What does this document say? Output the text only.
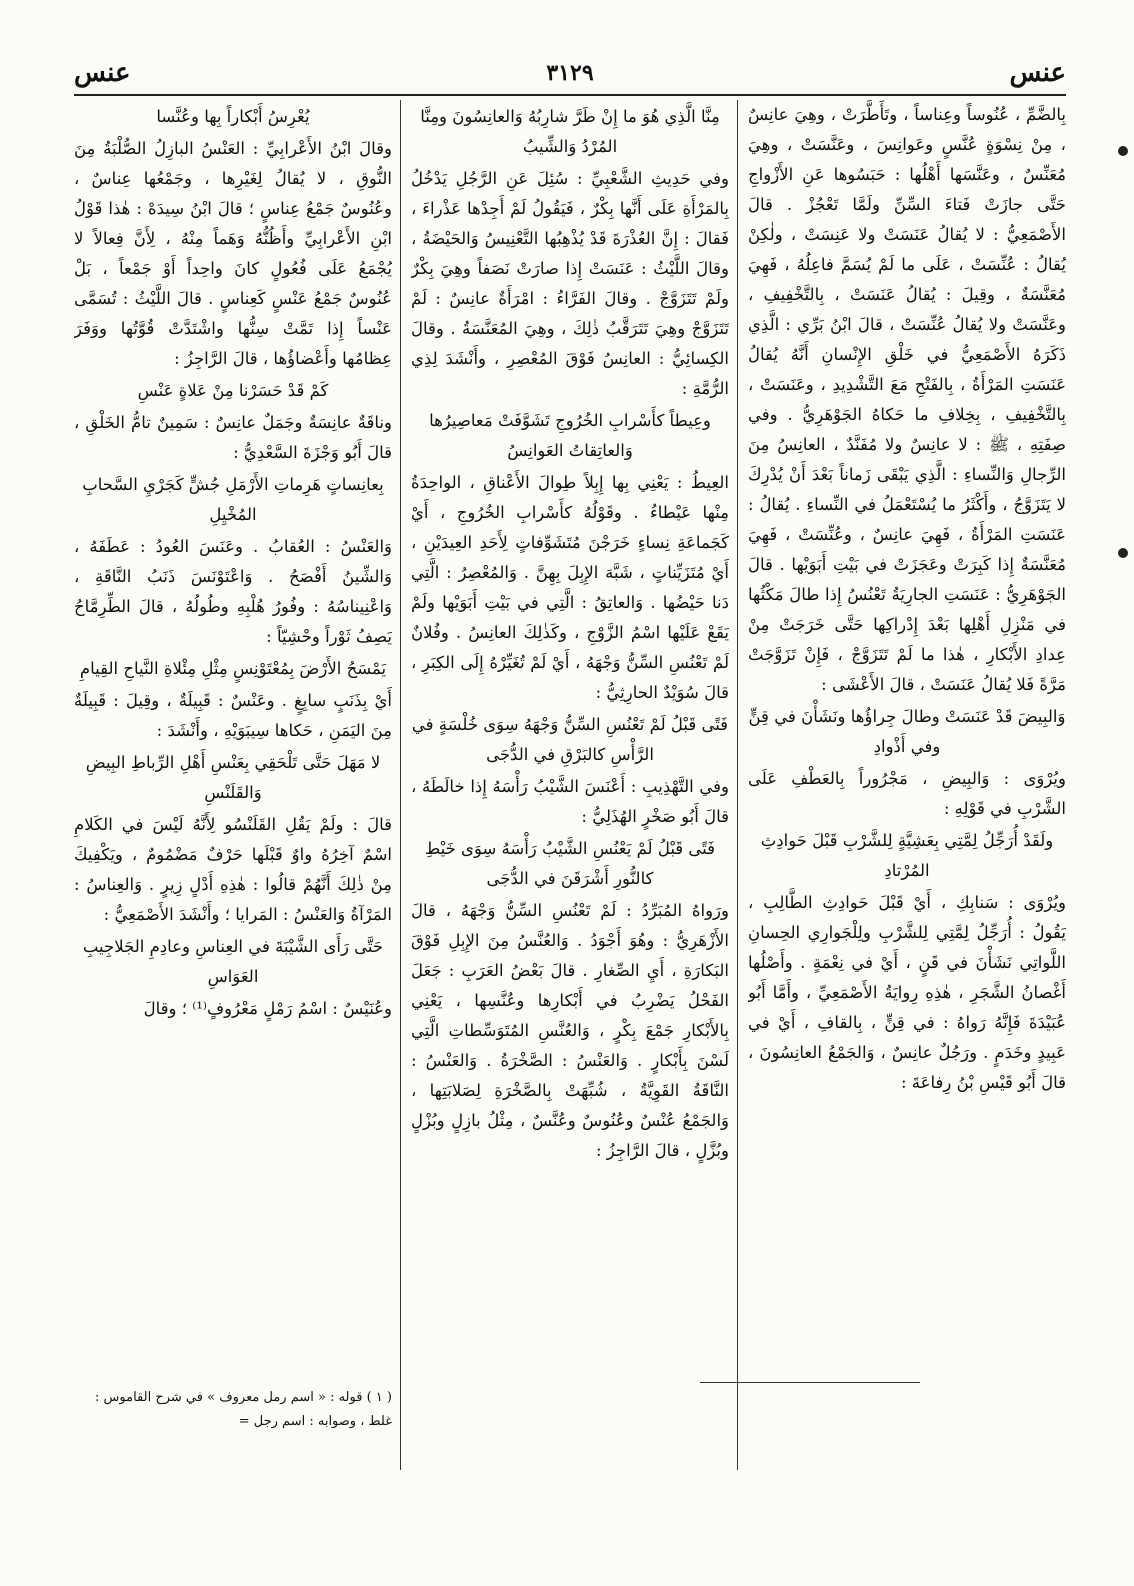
عنس
٣١٢٩
عنس

بِالضَّمِّ ، عُنُوساً وعِناساً ، وتَأَطَّرَتْ ، وهِيَ عانِسٌ ، مِنْ نِسْوَةٍ عُنَّسٍ وعَوانِسَ ، وعَنَّسَتْ ، وهِيَ مُعَنِّسٌ ، وعَنَّسَها أَهْلُها : حَبَسُوها عَنِ الأَزْواجِ حَتَّى جازَتْ فَتاءَ السِّنِّ ولَمَّا تَعْجُزْ . قالَ الأَصْمَعِيُّ : لا يُقالُ عَنَسَتْ ولا عَنِسَتْ ، ولٰكِنْ يُقالُ : عُنِّسَتْ ، عَلَى ما لَمْ يُسَمَّ فاعِلُهُ ، فَهِيَ مُعَنَّسَةٌ ، وقِيلَ : يُقالُ عَنَسَتْ ، بِالتَّخْفِيفِ ، وعَنَّسَتْ ولا يُقالُ عُنِّسَتْ ، قالَ ابْنُ بَرِّي : الَّذِي ذَكَرَهُ الأَصْمَعِيُّ في خَلْقِ الإِنْسانِ أَنَّهُ يُقالُ عَنَسَتِ المَرْأَةُ ، بِالفَتْحِ مَعَ التَّشْدِيدِ ، وعَنَسَتْ ، بِالتَّخْفِيفِ ، بِخِلافِ ما حَكاهُ الجَوْهَرِيُّ . وفي صِفَتِهِ ، ﷺ : لا عانِسٌ ولا مُفَنَّدٌ ، العانِسُ مِنَ الرِّجالِ وَالنِّساءِ : الَّذِي يَبْقَى زَماناً بَعْدَ أَنْ يُدْرِكَ لا يَتَزَوَّجُ ، وأَكْثَرُ ما يُسْتَعْمَلُ في النِّساءِ . يُقالُ : عَنَسَتِ المَرْأَةُ ، فَهِيَ عانِسٌ ، وعُنِّسَتْ ، فَهِيَ مُعَنَّسَةٌ إِذا كَبِرَتْ وعَجَزَتْ في بَيْتِ أَبَوَيْها . قالَ الجَوْهَرِيُّ : عَنَسَتِ الجارِيَةُ تَعْنُسُ إِذا طالَ مَكْثُها في مَنْزِلِ أَهْلِها بَعْدَ إِدْراكِها حَتَّى خَرَجَتْ مِنْ عِدادِ الأَبْكارِ ، هٰذا ما لَمْ تَتَزَوَّجْ ، فَإِنْ تَزَوَّجَتْ مَرَّةً فَلا يُقالُ عَنَسَتْ ، قالَ الأَعْشَى :

وَالبِيضَ قَدْ عَنَسَتْ وطالَ جِراؤُها ونَشَأْنَ في قِنٍّ وفي أَذْوادِ

ويُرْوَى : وَالبِيضِ ، مَجْرُوراً بِالعَطْفِ عَلَى الشَّرْبِ في قَوْلِهِ :

ولَقَدْ أُرَجِّلُ لِمَّتِي بِعَشِيَّةٍ لِلشَّرْبِ قَبْلَ حَوادِثِ المُرْتادِ

ويُرْوَى : سَنابِكِ ، أَيْ قَبْلَ حَوادِثِ الطَّالِبِ ، يَقُولُ : أُرَجِّلُ لِمَّتِي لِلشَّرْبِ ولِلْجَوارِي الحِسانِ اللَّواتِي نَشَأْنَ في قَنٍ ، أَيْ في نِعْمَةٍ . وأَصْلُها أَغْصانُ الشَّجَرِ ، هٰذِهِ رِوايَةُ الأَصْمَعِيِّ ، وأَمَّا أَبُو عُبَيْدَةَ فَإِنَّهُ رَواهُ : في قِنٍّ ، بِالقافِ ، أَيْ في عَبِيدٍ وخَدَمٍ . ورَجُلٌ عانِسٌ ، وَالجَمْعُ العانِسُونَ ، قالَ أَبُو قَيْسِ بْنُ رِفاعَةَ :

مِنَّا الَّذِي هُوَ ما إِنْ طَرَّ شارِبُهُ وَالعانِسُونَ ومِنَّا المُرْدُ وَالشِّيبُ

وفي حَدِيثِ الشَّعْبِيِّ : سُئِلَ عَنِ الرَّجُلِ يَدْخُلُ بِالمَرْأَةِ عَلَى أَنَّها بِكْرٌ ، فَيَقُولُ لَمْ أَجِدْها عَذْراءَ ، فَقالَ : إِنَّ العُذْرَةَ قَدْ يُذْهِبُها التَّعْنِيسُ وَالحَيْضَةُ ، وقالَ اللَّيْثُ : عَنَسَتْ إِذا صارَتْ نَصَفاً وهِيَ بِكْرٌ ولَمْ تَتَزَوَّجْ . وقالَ الفَرَّاءُ : امْرَأَةٌ عانِسٌ : لَمْ تَتَزَوَّجْ وهِيَ تَتَرَقَّبُ ذٰلِكَ ، وهِيَ المُعَنَّسَةُ . وقالَ الكِسائِيُّ : العانِسُ فَوْقَ المُعْصِرِ ، وأَنْشَدَ لِذِي الرُّمَّةِ :

وعِيطاً كأَسْرابِ الخُرُوجِ تَشَوَّفَتْ مَعاصِيرُها وَالعاتِقاتُ العَوانِسُ

العِيطُ : يَعْنِي بِها إِبِلاً طِوالَ الأَعْناقِ ، الواحِدَةُ مِنْها عَيْطاءُ . وقَوْلُهُ كأَسْرابِ الخُرُوجِ ، أَيْ كَجَماعَةِ نِساءٍ خَرَجْنَ مُتَشَوِّفاتٍ لِأَحَدِ العِيدَيْنِ ، أَيْ مُتَزَيِّناتٍ ، شَبَّهَ الإِبِلَ بِهِنَّ . وَالمُعْصِرُ : الَّتِي دَنا حَيْضُها . وَالعاتِقُ : الَّتِي في بَيْتِ أَبَوَيْها ولَمْ يَقَعْ عَلَيْها اسْمُ الزَّوْجِ ، وكَذٰلِكَ العانِسُ . وفُلانٌ لَمْ تَعْنُسِ السِّنُّ وَجْهَهُ ، أَيْ لَمْ تُغَيِّرْهُ إِلَى الكِبَرِ ، قالَ سُوَيْدٌ الحارِثِيُّ :

فَتًى قَبْلُ لَمْ تَعْنُسِ السِّنُّ وَجْهَهُ سِوَى خُلْسَةٍ في الرَّأْسِ كالبَرْقِ في الدُّجَى

وفي التَّهْذِيبِ : أَعْنَسَ الشَّيْبُ رَأْسَهُ إِذا خالَطَهُ ، قالَ أَبُو صَخْرٍ الهُذَلِيُّ :

فَتًى قَبْلُ لَمْ يَعْنُسِ الشَّيْبُ رَأْسَهُ سِوَى خَيْطِ كالنُّورِ أَشْرَقَنَ في الدُّجَى

ورَواهُ المُبَرِّدُ : لَمْ تَعْنُسِ السِّنُّ وَجْهَهُ ، قالَ الأَزْهَرِيُّ : وهُوَ أَجْوَدُ . وَالعُنَّسُ مِنَ الإِبِلِ فَوْقَ البَكارَةِ ، أَيِ الصِّغارِ . قالَ بَعْضُ العَرَبِ : جَعَلَ الفَحْلُ يَضْرِبُ في أَبْكارِها وعُنَّسِها ، يَعْنِي بِالأَبْكارِ جَمْعَ بِكْرٍ ، وَالعُنَّسِ المُتَوَسِّطاتِ الَّتِي لَسْنَ بِأَبْكارٍ . وَالعَنْسُ : الصَّخْرَةُ . وَالعَنْسُ : النَّاقَةُ القَوِيَّةُ ، شُبِّهَتْ بِالصَّخْرَةِ لِصَلابَتِها ، وَالجَمْعُ عُنْسٌ وعُنُوسٌ وعُنَّسٌ ، مِثْلُ بازِلٍ وبُزْلٍ وبُزَّلٍ ، قالَ الرَّاجِزُ :

يُعْرِسُ أَبْكاراً بِها وعُنَّسا

وقالَ ابْنُ الأَعْرابِيِّ : العَنْسُ البازِلُ الصُّلْبَةُ مِنَ النُّوقِ ، لا يُقالُ لِغَيْرِها ، وجَمْعُها عِناسٌ ، وعُنُوسٌ جَمْعُ عِناسٍ ؛ قالَ ابْنُ سِيدَهْ : هٰذا قَوْلُ ابْنِ الأَعْرابِيِّ وأَظُنُّهُ وَهَماً مِنْهُ ، لِأَنَّ فِعالاً لا يُجْمَعُ عَلَى فُعُولٍ كانَ واحِداً أَوْ جَمْعاً ، بَلْ عُنُوسٌ جَمْعُ عَنْسٍ كَعِناسٍ . قالَ اللَّيْثُ : تُسَمَّى عَنْساً إِذا تَمَّتْ سِنُّها واشْتَدَّتْ قُوَّتُها ووَفَرَ عِظامُها وأَعْضاؤُها ، قالَ الرَّاجِزُ :

كَمْ قَدْ حَسَرْنا مِنْ عَلاةٍ عَنْسِ

وناقَةٌ عانِسَةٌ وجَمَلٌ عانِسٌ : سَمِينٌ تامُّ الخَلْقِ ، قالَ أَبُو وَجْزَةَ السَّعْدِيُّ :

بِعانِساتٍ هَرِماتِ الأَرْمَلِ جُشٍّ كَجَرْيِ السَّحابِ المُخْيِلِ

وَالعَنْسُ : العُقابُ . وعَنَسَ العُودُ : عَطَفَهُ ، وَالشِّينُ أَفْصَحُ . وَاعْتَوْنَسَ ذَنَبُ النَّاقَةِ ، وَاعْنِيناسُهُ : وفُورُ هُلْبِهِ وطُولُهُ ، قالَ الطِّرِمَّاحُ يَصِفُ ثَوْراً وحْشِيّاً :

يَمْسَحُ الأَرْضَ بِمُعْتَوْنِسٍ مِثْلِ مِئْلاةِ النَّياحِ القِيامِ

أَيْ بِذَنَبٍ سابِغٍ . وعَنْسٌ : قَبِيلَةٌ ، وقِيلَ : قَبِيلَةٌ مِنَ اليَمَنِ ، حَكاها سِيبَوَيْهِ ، وأَنْشَدَ :

لا مَهَلَ حَتَّى تَلْحَقِي بِعَنْسِ أَهْلِ الرِّباطِ البِيضِ وَالقَلَنْسِ

قالَ : ولَمْ يَقُلِ القَلَنْسُو لِأَنَّهُ لَيْسَ في الكَلامِ اسْمٌ آخِرُهُ واوٌ قَبْلَها حَرْفٌ مَضْمُومٌ ، ويَكْفِيكَ مِنْ ذٰلِكَ أَنَّهُمْ قالُوا : هٰذِهِ أَدْلٍ زِيرٍ . وَالعِناسُ : المَرْآةُ وَالعَنْسُ : المَرايا ؛ وأَنْشَدَ الأَصْمَعِيُّ :

حَتَّى رَأَى الشَّيْبَةَ في العِناسِ وعادِمِ الجَلاجِيبِ العَوَاسِ

وعُنَيْسٌ : اسْمُ رَمْلٍ مَعْرُوفٍ⁽¹⁾ ؛ وقالَ

( ١ ) قوله : « اسم رمل معروف » في شرح القاموس : غلط ، وصوابه : اسم رجل =
